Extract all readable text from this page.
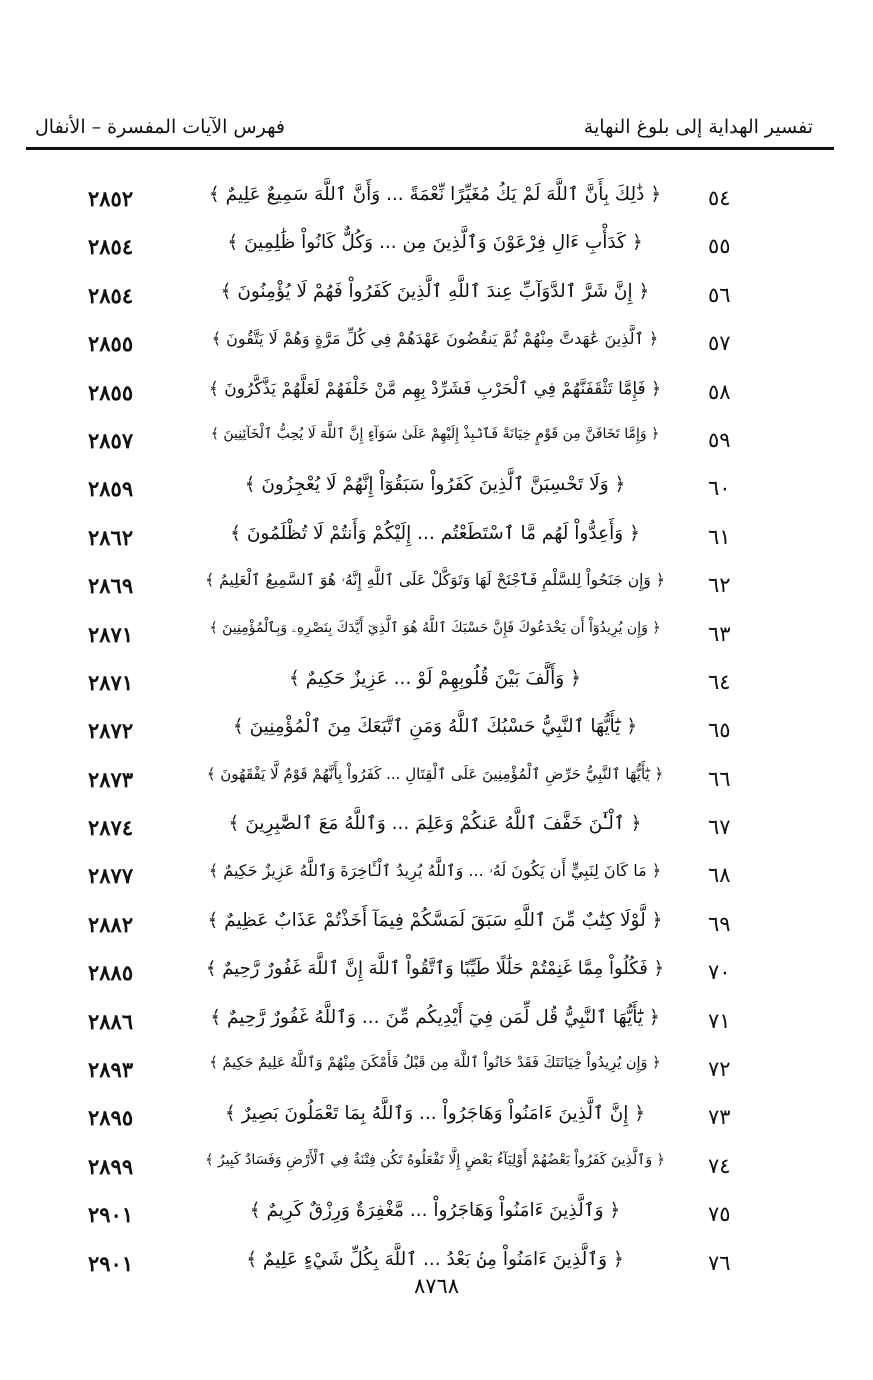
تفسير الهداية إلى بلوغ النهاية
فهرس الآيات المفسرة – الأنفال
٥٤
﴿ ذَٰلِكَ بِأَنَّ ٱللَّهَ لَمْ يَكُ مُغَيِّرًا نِّعْمَةً ... وَأَنَّ ٱللَّهَ سَمِيعٌ عَلِيمٌ ﴾
٢٨٥٢
٥٥
﴿ كَدَأْبِ ءَالِ فِرْعَوْنَ وَٱلَّذِينَ مِن ... وَكُلٌّ كَانُواْ ظَٰلِمِينَ ﴾
٢٨٥٤
٥٦
﴿ إِنَّ شَرَّ ٱلدَّوَآبِّ عِندَ ٱللَّهِ ٱلَّذِينَ كَفَرُواْ فَهُمْ لَا يُؤْمِنُونَ ﴾
٢٨٥٤
٥٧
﴿ ٱلَّذِينَ عَٰهَدتَّ مِنْهُمْ ثُمَّ يَنقُضُونَ عَهْدَهُمْ فِي كُلِّ مَرَّةٍ وَهُمْ لَا يَتَّقُونَ ﴾
٢٨٥٥
٥٨
﴿ فَإِمَّا تَثْقَفَنَّهُمْ فِي ٱلْحَرْبِ فَشَرِّدْ بِهِم مَّنْ خَلْفَهُمْ لَعَلَّهُمْ يَذَّكَّرُونَ ﴾
٢٨٥٥
٥٩
﴿ وَإِمَّا تَخَافَنَّ مِن قَوْمٍ خِيَانَةً فَٱنۢبِذْ إِلَيْهِمْ عَلَىٰ سَوَآءٍ إِنَّ ٱللَّهَ لَا يُحِبُّ ٱلْخَآئِنِينَ ﴾
٢٨٥٧
٦٠
﴿ وَلَا تَحْسِبَنَّ ٱلَّذِينَ كَفَرُواْ سَبَقُوٓاْ إِنَّهُمْ لَا يُعْجِزُونَ ﴾
٢٨٥٩
٦١
﴿ وَأَعِدُّواْ لَهُم مَّا ٱسْتَطَعْتُم ... إِلَيْكُمْ وَأَنتُمْ لَا تُظْلَمُونَ ﴾
٢٨٦٢
٦٢
﴿ وَإِن جَنَحُواْ لِلسَّلْمِ فَٱجْنَحْ لَهَا وَتَوَكَّلْ عَلَى ٱللَّهِ إِنَّهُۥ هُوَ ٱلسَّمِيعُ ٱلْعَلِيمُ ﴾
٢٨٦٩
٦٣
﴿ وَإِن يُرِيدُوٓاْ أَن يَخْدَعُوكَ فَإِنَّ حَسْبَكَ ٱللَّهُ هُوَ ٱلَّذِيٓ أَيَّدَكَ بِنَصْرِهِۦ وَبِٱلْمُؤْمِنِينَ ﴾
٢٨٧١
٦٤
﴿ وَأَلَّفَ بَيْنَ قُلُوبِهِمْ لَوْ ... عَزِيزٌ حَكِيمٌ ﴾
٢٨٧١
٦٥
﴿ يَٰٓأَيُّهَا ٱلنَّبِيُّ حَسْبُكَ ٱللَّهُ وَمَنِ ٱتَّبَعَكَ مِنَ ٱلْمُؤْمِنِينَ ﴾
٢٨٧٢
٦٦
﴿ يَٰٓأَيُّهَا ٱلنَّبِيُّ حَرِّضِ ٱلْمُؤْمِنِينَ عَلَى ٱلْقِتَالِ ... كَفَرُواْ بِأَنَّهُمْ قَوْمٌ لَّا يَفْقَهُونَ ﴾
٢٨٧٣
٦٧
﴿ ٱلْـَٰٔنَ خَفَّفَ ٱللَّهُ عَنكُمْ وَعَلِمَ ... وَٱللَّهُ مَعَ ٱلصَّٰبِرِينَ ﴾
٢٨٧٤
٦٨
﴿ مَا كَانَ لِنَبِيٍّ أَن يَكُونَ لَهُۥ ... وَٱللَّهُ يُرِيدُ ٱلْـَٔاخِرَةَ وَٱللَّهُ عَزِيزٌ حَكِيمٌ ﴾
٢٨٧٧
٦٩
﴿ لَّوْلَا كِتَٰبٌ مِّنَ ٱللَّهِ سَبَقَ لَمَسَّكُمْ فِيمَآ أَخَذْتُمْ عَذَابٌ عَظِيمٌ ﴾
٢٨٨٢
٧٠
﴿ فَكُلُواْ مِمَّا غَنِمْتُمْ حَلَٰلًا طَيِّبًا وَٱتَّقُواْ ٱللَّهَ إِنَّ ٱللَّهَ غَفُورٌ رَّحِيمٌ ﴾
٢٨٨٥
٧١
﴿ يَٰٓأَيُّهَا ٱلنَّبِيُّ قُل لِّمَن فِيٓ أَيْدِيكُم مِّنَ ... وَٱللَّهُ غَفُورٌ رَّحِيمٌ ﴾
٢٨٨٦
٧٢
﴿ وَإِن يُرِيدُواْ خِيَانَتَكَ فَقَدْ خَانُواْ ٱللَّهَ مِن قَبْلُ فَأَمْكَنَ مِنْهُمْ وَٱللَّهُ عَلِيمٌ حَكِيمٌ ﴾
٢٨٩٣
٧٣
﴿ إِنَّ ٱلَّذِينَ ءَامَنُواْ وَهَاجَرُواْ ... وَٱللَّهُ بِمَا تَعْمَلُونَ بَصِيرٌ ﴾
٢٨٩٥
٧٤
﴿ وَٱلَّذِينَ كَفَرُواْ بَعْضُهُمْ أَوْلِيَآءُ بَعْضٍ إِلَّا تَفْعَلُوهُ تَكُن فِتْنَةٌ فِي ٱلْأَرْضِ وَفَسَادٌ كَبِيرٌ ﴾
٢٨٩٩
٧٥
﴿ وَٱلَّذِينَ ءَامَنُواْ وَهَاجَرُواْ ... مَّغْفِرَةٌ وَرِزْقٌ كَرِيمٌ ﴾
٢٩٠١
٧٦
﴿ وَٱلَّذِينَ ءَامَنُواْ مِنۢ بَعْدُ ... ٱللَّهَ بِكُلِّ شَيْءٍ عَلِيمٌ ﴾
٢٩٠١
٨٧٦٨
